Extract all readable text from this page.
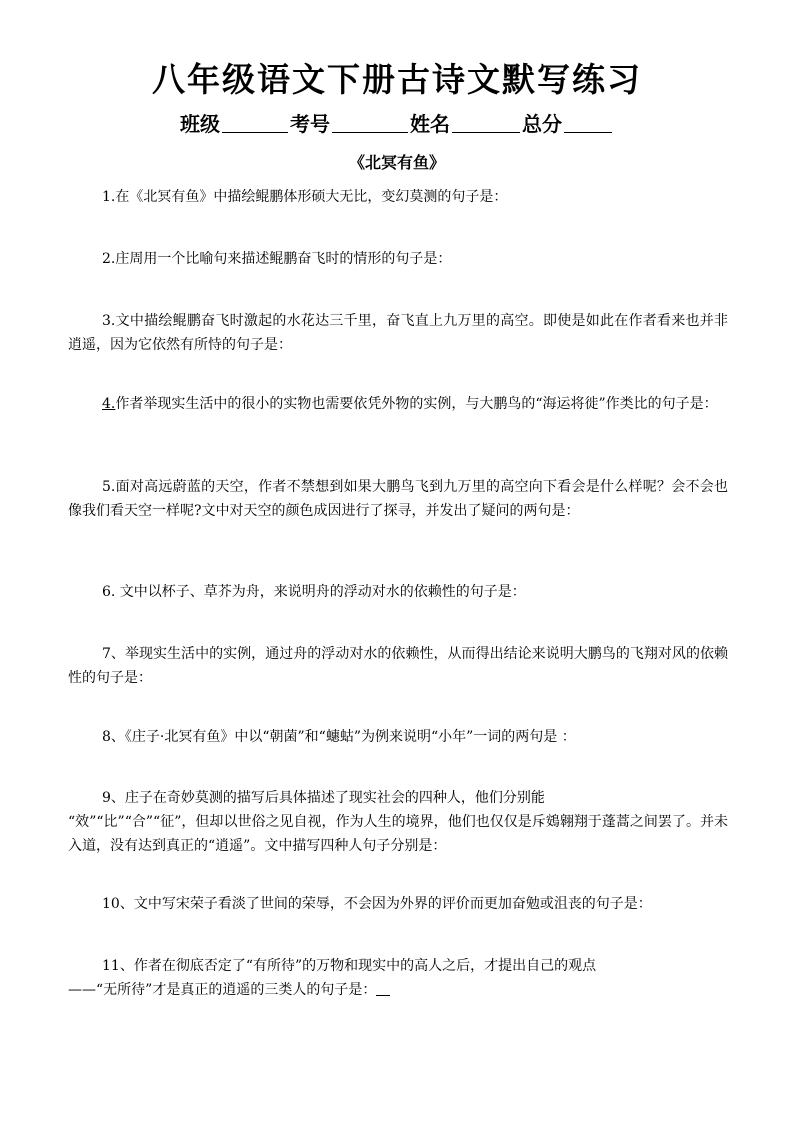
八年级语文下册古诗文默写练习
班级	考号	姓名	总分
《北冥有鱼》
1.在《北冥有鱼》中描绘鲲鹏体形硕大无比，变幻莫测的句子是：
2.庄周用一个比喻句来描述鲲鹏奋飞时的情形的句子是：
3.文中描绘鲲鹏奋飞时激起的水花达三千里，奋飞直上九万里的高空。即使是如此在作者看来也并非逍遥，因为它依然有所恃的句子是：
4.作者举现实生活中的很小的实物也需要依凭外物的实例，与大鹏鸟的“海运将徙”作类比的句子是：
5.面对高远蔚蓝的天空，作者不禁想到如果大鹏鸟飞到九万里的高空向下看会是什么样呢？会不会也像我们看天空一样呢?文中对天空的颜色成因进行了探寻，并发出了疑问的两句是：
6. 文中以杯子、草芥为舟，来说明舟的浮动对水的依赖性的句子是：
7、举现实生活中的实例，通过舟的浮动对水的依赖性，从而得出结论来说明大鹏鸟的飞翔对风的依赖性的句子是：
8、《庄子·北冥有鱼》中以“朝菌”和“蟪蛄”为例来说明“小年”一词的两句是 ：
9、庄子在奇妙莫测的描写后具体描述了现实社会的四种人，他们分别能
“效”“比”“合”“征”，但却以世俗之见自视，作为人生的境界，他们也仅仅是斥鴳翱翔于蓬蒿之间罢了。并未入道，没有达到真正的“逍遥”。文中描写四种人句子分别是：
10、文中写宋荣子看淡了世间的荣辱，不会因为外界的评价而更加奋勉或沮丧的句子是：
11、作者在彻底否定了“有所待”的万物和现实中的高人之后，才提出自己的观点
——“无所待”才是真正的逍遥的三类人的句子是：
